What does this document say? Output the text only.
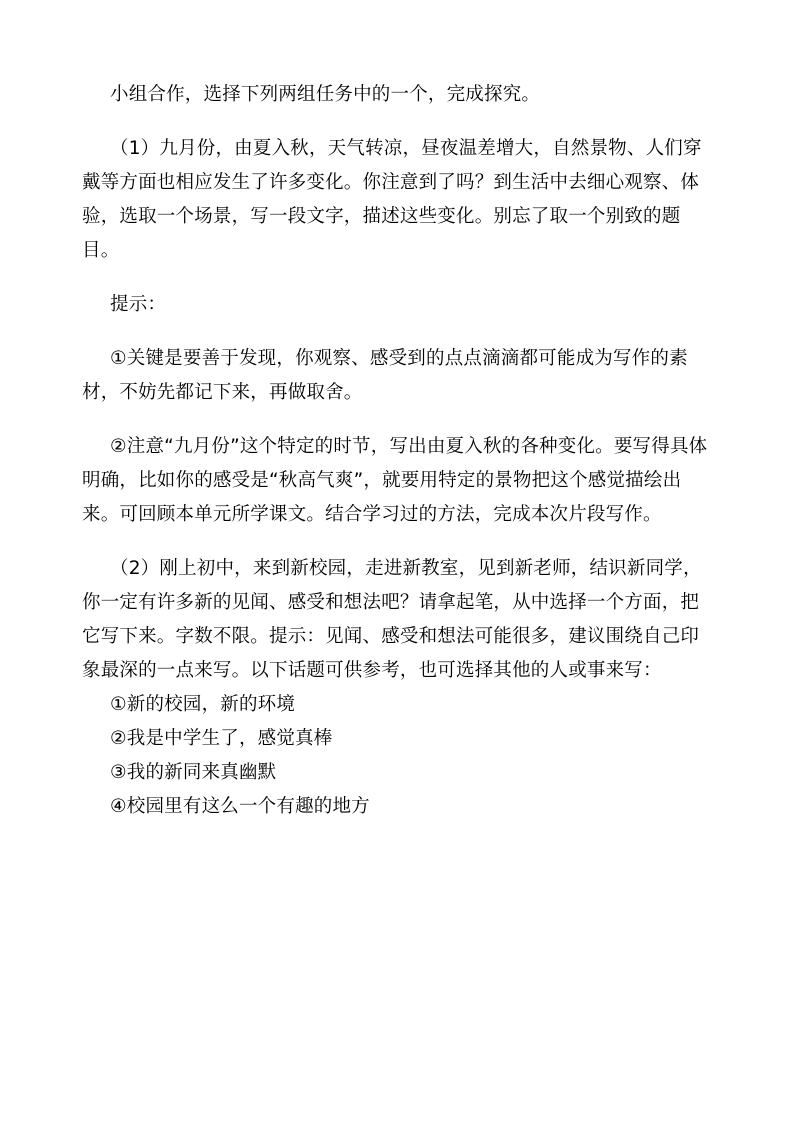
小组合作，选择下列两组任务中的一个，完成探究。

（1）九月份，由夏入秋，天气转凉，昼夜温差增大，自然景物、人们穿戴等方面也相应发生了许多变化。你注意到了吗？到生活中去细心观察、体验，选取一个场景，写一段文字，描述这些变化。别忘了取一个别致的题目。

提示：

①关键是要善于发现，你观察、感受到的点点滴滴都可能成为写作的素材，不妨先都记下来，再做取舍。

②注意“九月份”这个特定的时节，写出由夏入秋的各种变化。要写得具体明确，比如你的感受是“秋高气爽”，就要用特定的景物把这个感觉描绘出来。可回顾本单元所学课文。结合学习过的方法，完成本次片段写作。

（2）刚上初中，来到新校园，走进新教室，见到新老师，结识新同学，你一定有许多新的见闻、感受和想法吧？请拿起笔，从中选择一个方面，把它写下来。字数不限。提示：见闻、感受和想法可能很多，建议围绕自己印象最深的一点来写。以下话题可供参考，也可选择其他的人或事来写：

①新的校园，新的环境

②我是中学生了，感觉真棒

③我的新同来真幽默

④校园里有这么一个有趣的地方
